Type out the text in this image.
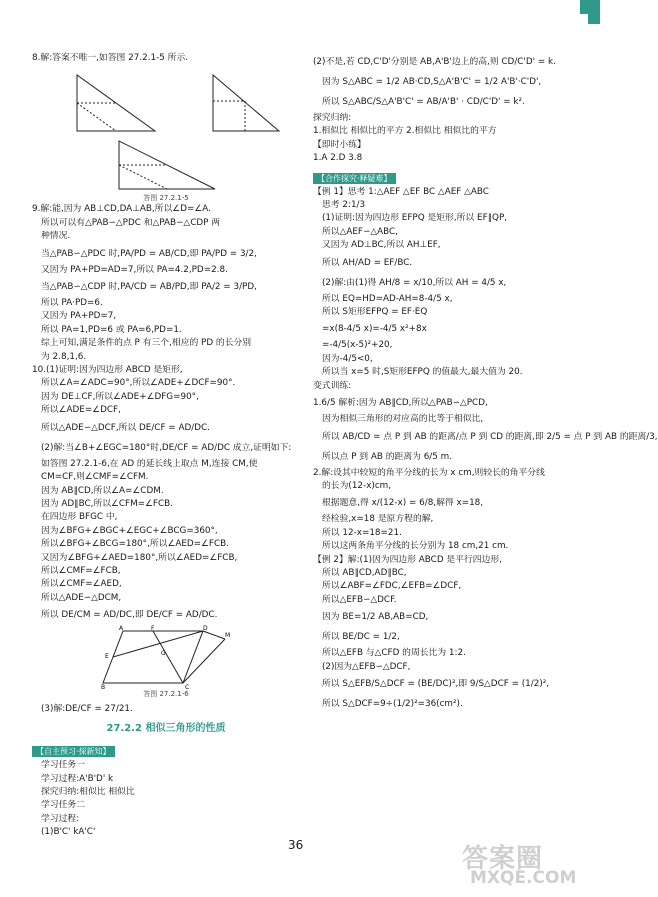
8.解:答案不唯一,如答图 27.2.1-5 所示.
答图 27.2.1-5
9.解:能,因为 AB⊥CD,DA⊥AB,所以∠D=∠A.
所以可以有△PAB∽△PDC 和△PAB∽△CDP 两
种情况.
当△PAB∽△PDC 时,PA/PD = AB/CD,即 PA/PD = 3/2,
又因为 PA+PD=AD=7,所以 PA=4.2,PD=2.8.
当△PAB∽△CDP 时,PA/CD = AB/PD,即 PA/2 = 3/PD,
所以 PA·PD=6.
又因为 PA+PD=7,
所以 PA=1,PD=6 或 PA=6,PD=1.
综上可知,满足条件的点 P 有三个,相应的 PD 的长分别
为 2.8,1,6.
10.(1)证明:因为四边形 ABCD 是矩形,
所以∠A=∠ADC=90°,所以∠ADE+∠DCF=90°.
因为 DE⊥CF,所以∠ADE+∠DFG=90°,
所以∠ADE=∠DCF,
所以△ADE∽△DCF,所以 DE/CF = AD/DC.
(2)解:当∠B+∠EGC=180°时,DE/CF = AD/DC 成立,证明如下:
如答图 27.2.1-6,在 AD 的延长线上取点 M,连接 CM,使
CM=CF,则∠CMF=∠CFM.
因为 AB∥CD,所以∠A=∠CDM.
因为 AD∥BC,所以∠CFM=∠FCB.
在四边形 BFGC 中,
因为∠BFG+∠BGC+∠EGC+∠BCG=360°,
所以∠BFG+∠BCG=180°,所以∠AED=∠FCB.
又因为∠BFG+∠AED=180°,所以∠AED=∠FCB,
所以∠CMF=∠FCB,
所以∠CMF=∠AED,
所以△ADE∽△DCM,
所以 DE/CM = AD/DC,即 DE/CF = AD/DC.
A	F	D
M
E	G
B	C
答图 27.2.1-6
(3)解:DE/CF = 27/21.
27.2.2 相似三角形的性质
【自主预习·探新知】
学习任务一
学习过程:A'B'D' k
探究归纳:相似比 相似比
学习任务二
学习过程:
(1)B'C' kA'C'
(2)不是,若 CD,C'D'分别是 AB,A'B'边上的高,则 CD/C'D' = k.
因为 S△ABC = 1/2 AB·CD,S△A'B'C' = 1/2 A'B'·C'D',
所以 S△ABC/S△A'B'C' = AB/A'B' · CD/C'D' = k².
探究归纳:
1.相似比 相似比的平方 2.相似比 相似比的平方
【即时小练】
1.A 2.D 3.8
【合作探究·释疑难】
【例 1】思考 1:△AEF △EF BC △AEF △ABC
思考 2:1/3
(1)证明:因为四边形 EFPQ 是矩形,所以 EF∥QP,
所以△AEF∽△ABC,
又因为 AD⊥BC,所以 AH⊥EF,
所以 AH/AD = EF/BC.
(2)解:由(1)得 AH/8 = x/10,所以 AH = 4/5 x,
所以 EQ=HD=AD-AH=8-4/5 x,
所以 S矩形EFPQ = EF·EQ
=x(8-4/5 x)=-4/5 x²+8x
=-4/5(x-5)²+20,
因为-4/5<0,
所以当 x=5 时,S矩形EFPQ 的值最大,最大值为 20.
变式训练:
1.6/5 解析:因为 AB∥CD,所以△PAB∽△PCD,
因为相似三角形的对应高的比等于相似比,
所以 AB/CD = 点 P 到 AB 的距离/点 P 到 CD 的距离,即 2/5 = 点 P 到 AB 的距离/3,
所以点 P 到 AB 的距离为 6/5 m.
2.解:设其中较短的角平分线的长为 x cm,则较长的角平分线
的长为(12-x)cm,
根据题意,得 x/(12-x) = 6/8,解得 x=18,
经检验,x=18 是原方程的解,
所以 12-x=18=21.
所以这两条角平分线的长分别为 18 cm,21 cm.
【例 2】解:(1)因为四边形 ABCD 是平行四边形,
所以 AB∥CD,AD∥BC,
所以∠ABF=∠FDC,∠EFB=∠DCF,
所以△EFB∽△DCF.
因为 BE=1/2 AB,AB=CD,
所以 BE/DC = 1/2,
所以△EFB 与△CFD 的周长比为 1:2.
(2)因为△EFB∽△DCF,
所以 S△EFB/S△DCF = (BE/DC)²,即 9/S△DCF = (1/2)²,
所以 S△DCF=9÷(1/2)²=36(cm²).
36	答案圈
MXQE.COM
